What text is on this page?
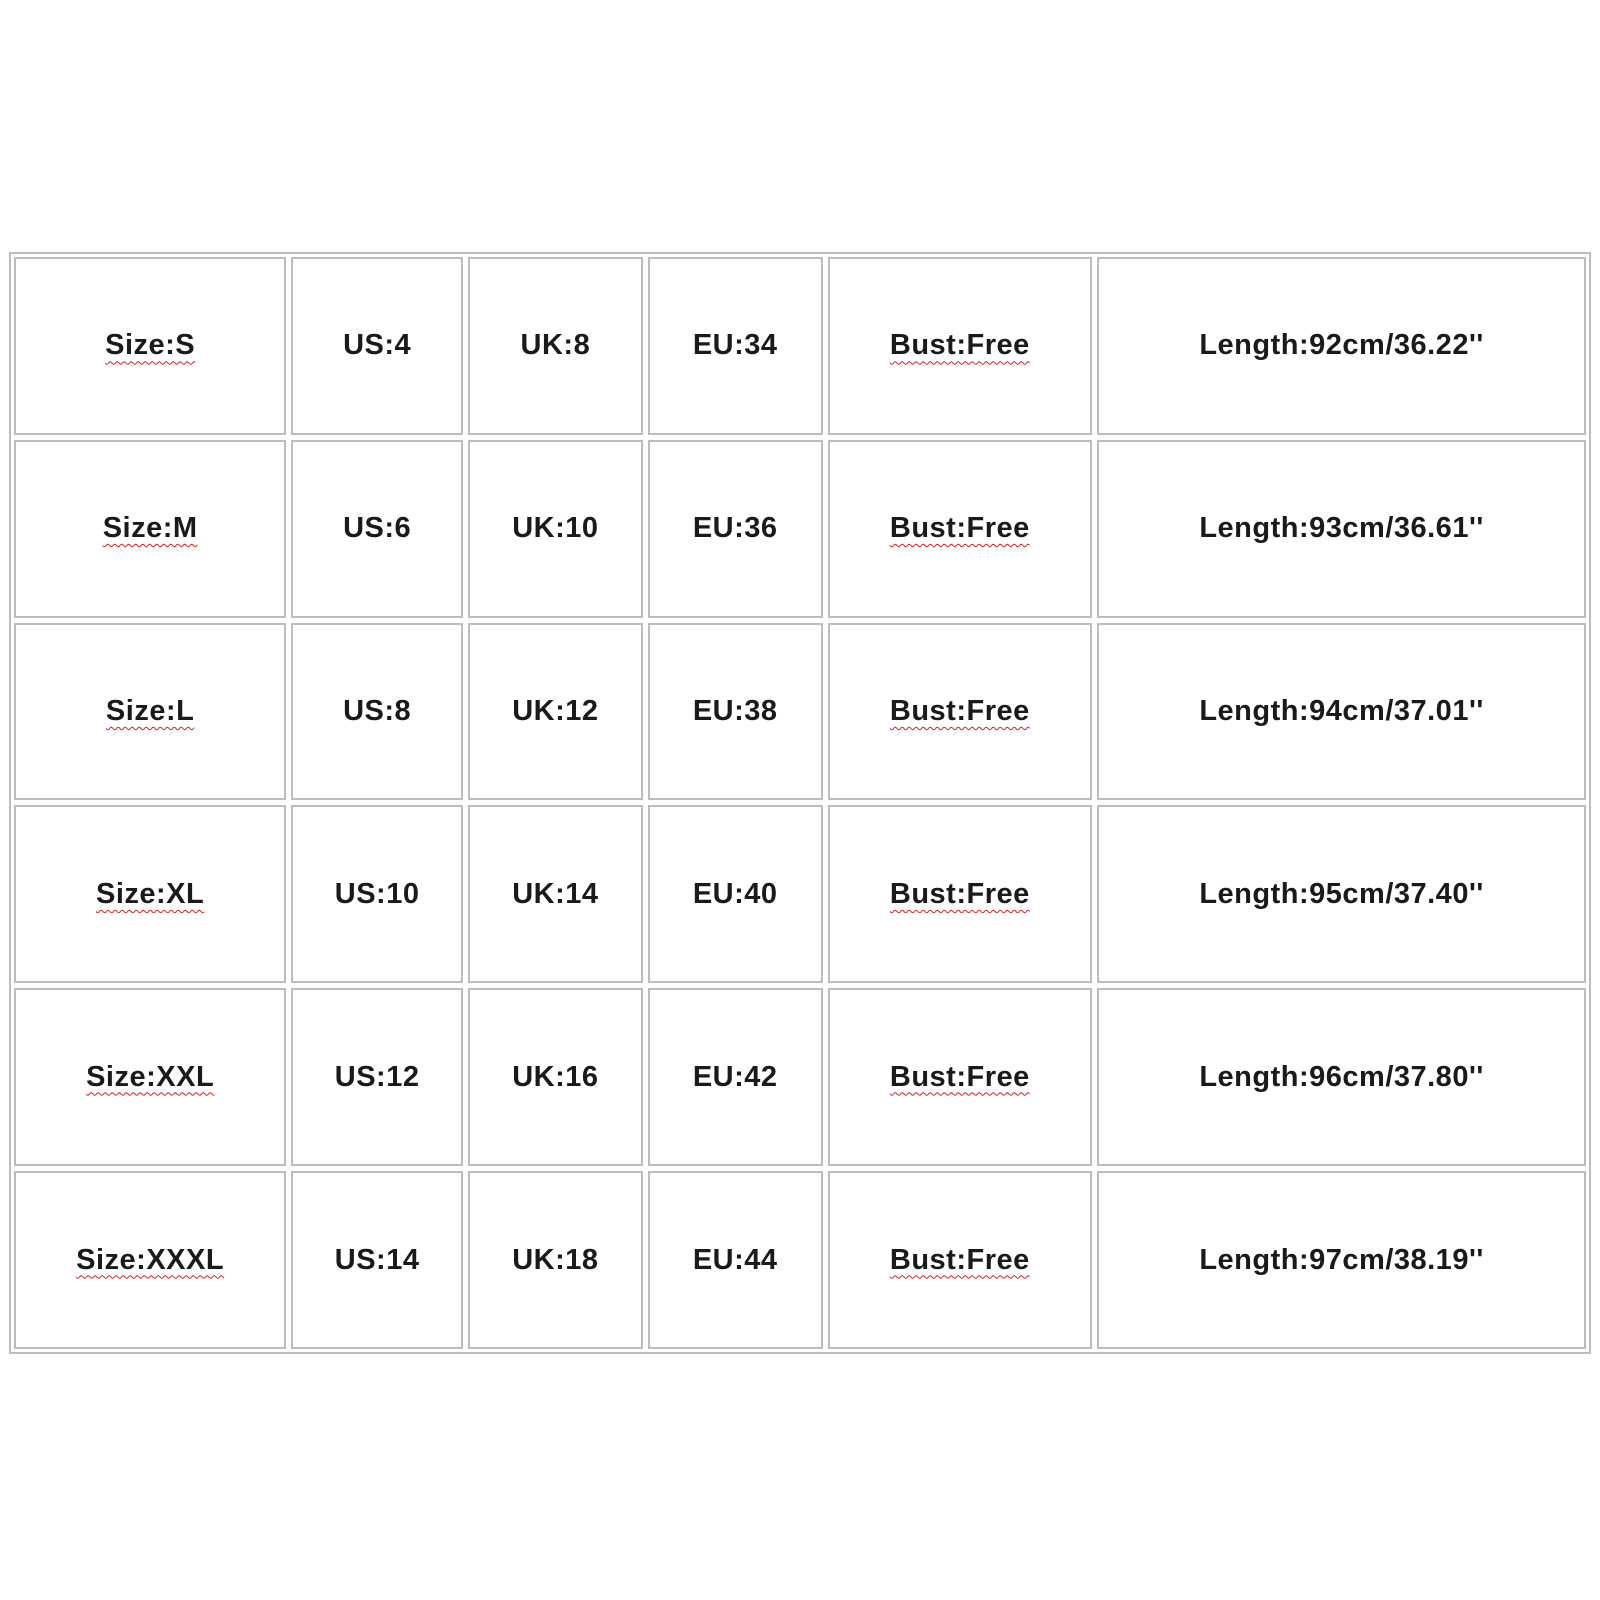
Size:S	US:4	UK:8	EU:34	Bust:Free	Length:92cm/36.22''
Size:M	US:6	UK:10	EU:36	Bust:Free	Length:93cm/36.61''
Size:L	US:8	UK:12	EU:38	Bust:Free	Length:94cm/37.01''
Size:XL	US:10	UK:14	EU:40	Bust:Free	Length:95cm/37.40''
Size:XXL	US:12	UK:16	EU:42	Bust:Free	Length:96cm/37.80''
Size:XXXL	US:14	UK:18	EU:44	Bust:Free	Length:97cm/38.19''
